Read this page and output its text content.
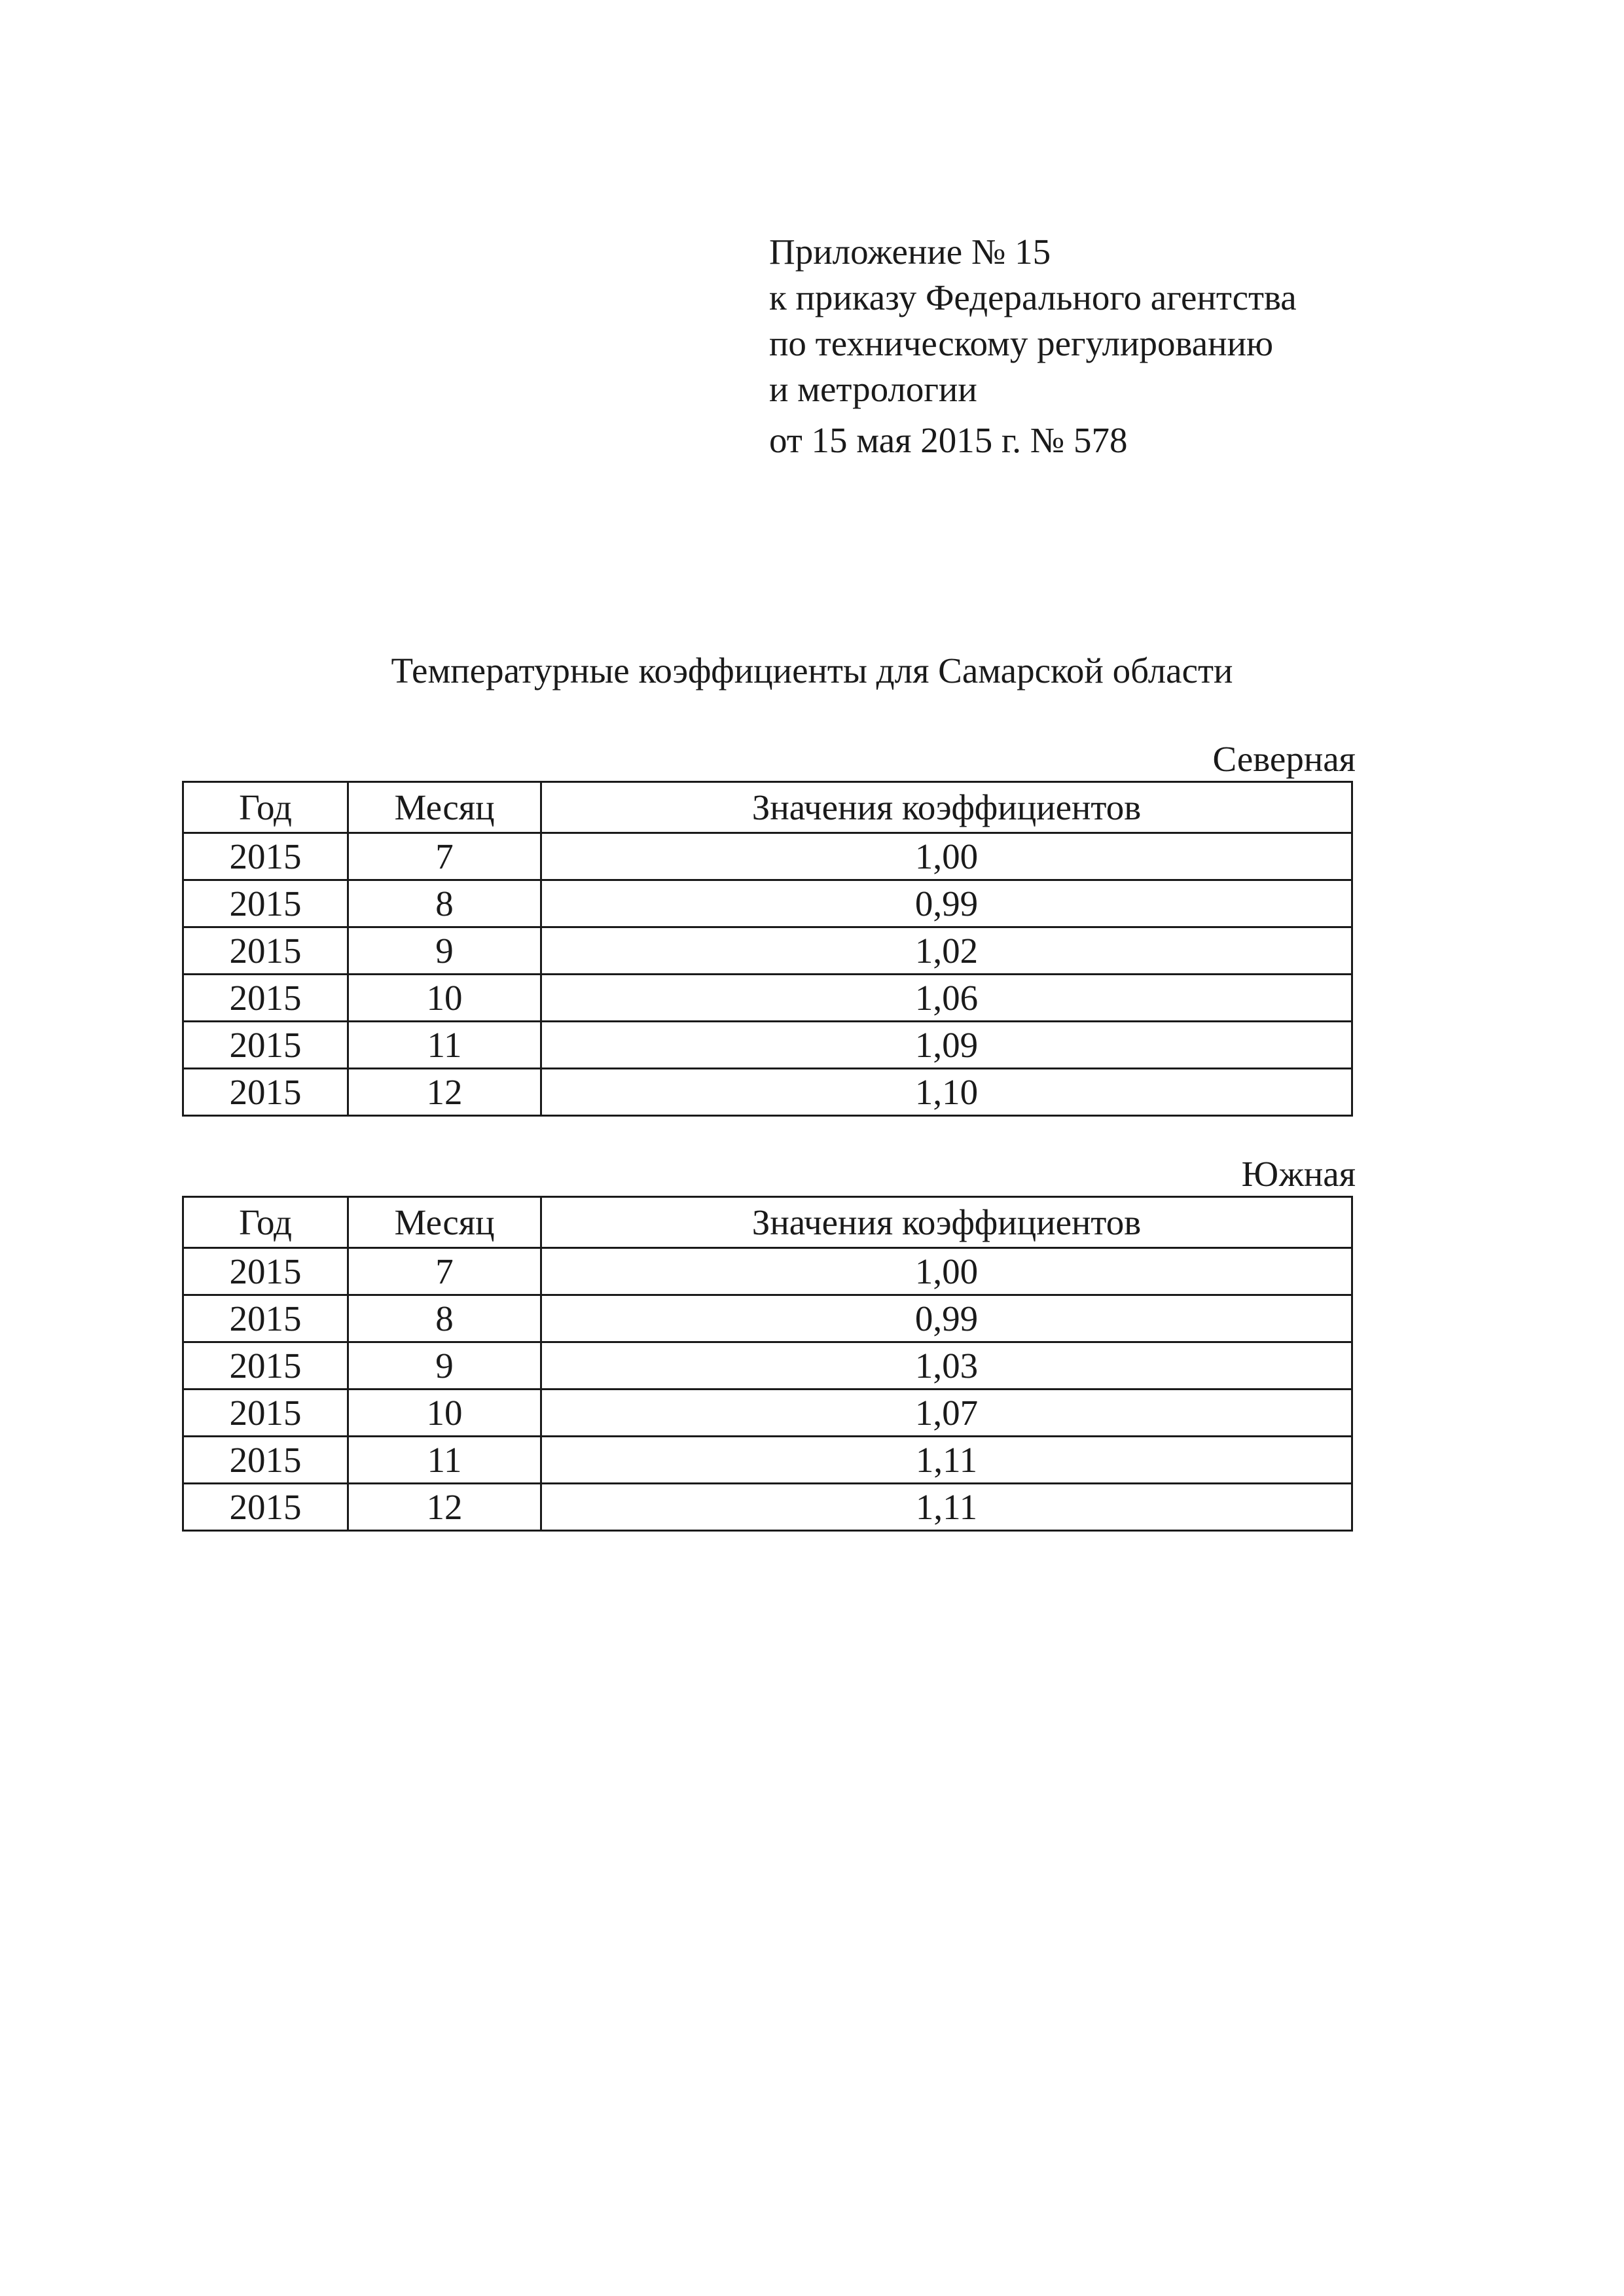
Приложение № 15
к приказу Федерального агентства
по техническому регулированию
и метрологии
от 15 мая 2015 г. № 578
Температурные коэффициенты для Самарской области
Северная
Год	Месяц	Значения коэффициентов
2015	7	1,00
2015	8	0,99
2015	9	1,02
2015	10	1,06
2015	11	1,09
2015	12	1,10
Южная
Год	Месяц	Значения коэффициентов
2015	7	1,00
2015	8	0,99
2015	9	1,03
2015	10	1,07
2015	11	1,11
2015	12	1,11
